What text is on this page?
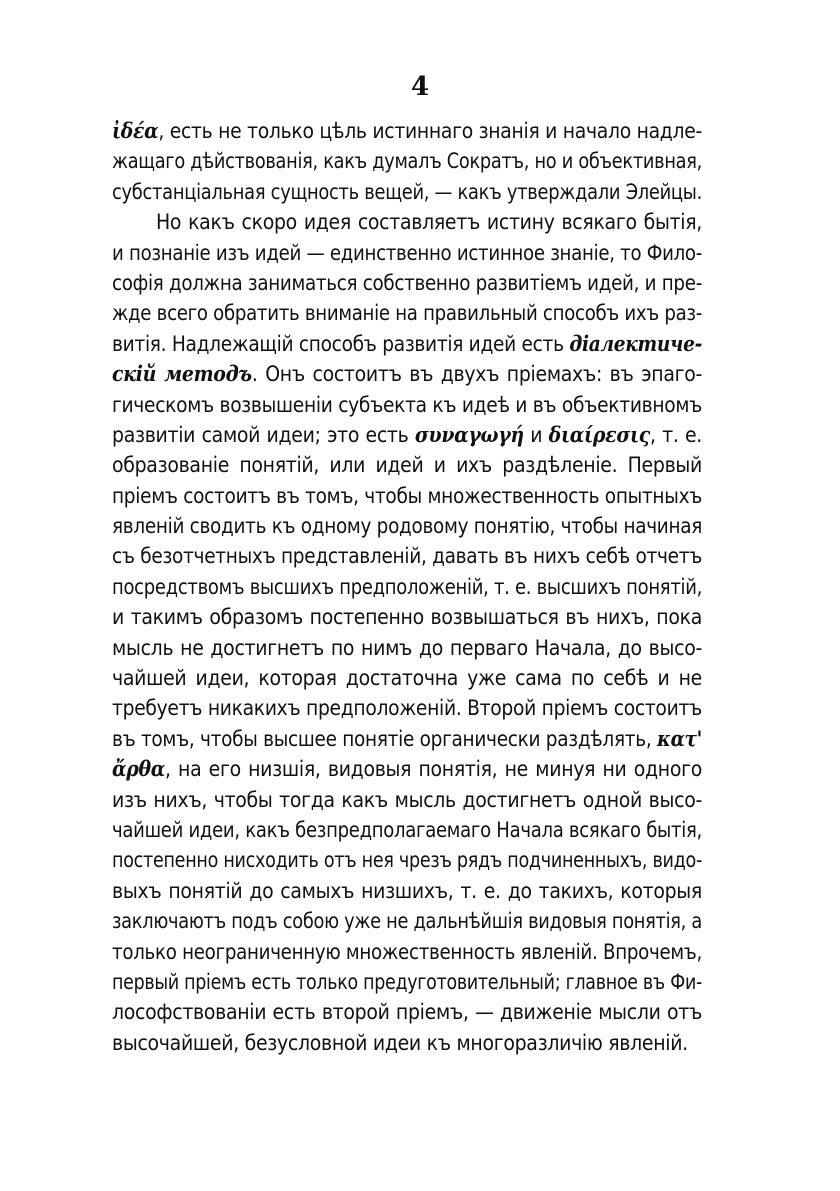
4
ἰδέα, есть не только цѣль истиннаго знанія и начало надле-
жащаго дѣйствованія, какъ думалъ Сократъ, но и объективная,
субстанціальная сущность вещей, — какъ утверждали Элейцы.
Но какъ скоро идея составляетъ истину всякаго бытія,
и познаніе изъ идей — единственно истинное знаніе, то Фило-
софія должна заниматься собственно развитіемъ идей, и пре-
жде всего обратить вниманіе на правильный способъ ихъ раз-
витія. Надлежащій способъ развитія идей есть діалектиче-
скій методъ. Онъ состоитъ въ двухъ пріемахъ: въ эпаго-
гическомъ возвышеніи субъекта къ идеѣ и въ объективномъ
развитіи самой идеи; это есть συναγωγή и διαίρεσις, т. е.
образованіе понятій, или идей и ихъ раздѣленіе. Первый
пріемъ состоитъ въ томъ, чтобы множественность опытныхъ
явленій сводить къ одному родовому понятію, чтобы начиная
съ безотчетныхъ представленій, давать въ нихъ себѣ отчетъ
посредствомъ высшихъ предположеній, т. е. высшихъ понятій,
и такимъ образомъ постепенно возвышаться въ нихъ, пока
мысль не достигнетъ по нимъ до перваго Начала, до высо-
чайшей идеи, которая достаточна уже сама по себѣ и не
требуетъ никакихъ предположеній. Второй пріемъ состоитъ
въ томъ, чтобы высшее понятіе органически раздѣлять, κατ'
ἄρθα, на его низшія, видовыя понятія, не минуя ни одного
изъ нихъ, чтобы тогда какъ мысль достигнетъ одной высо-
чайшей идеи, какъ безпредполагаемаго Начала всякаго бытія,
постепенно нисходить отъ нея чрезъ рядъ подчиненныхъ, видо-
выхъ понятій до самыхъ низшихъ, т. е. до такихъ, которыя
заключаютъ подъ собою уже не дальнѣйшія видовыя понятія, а
только неограниченную множественность явленій. Впрочемъ,
первый пріемъ есть только предуготовительный; главное въ Фи-
лософствованіи есть второй пріемъ, — движеніе мысли отъ
высочайшей, безусловной идеи къ многоразличію явленій.
